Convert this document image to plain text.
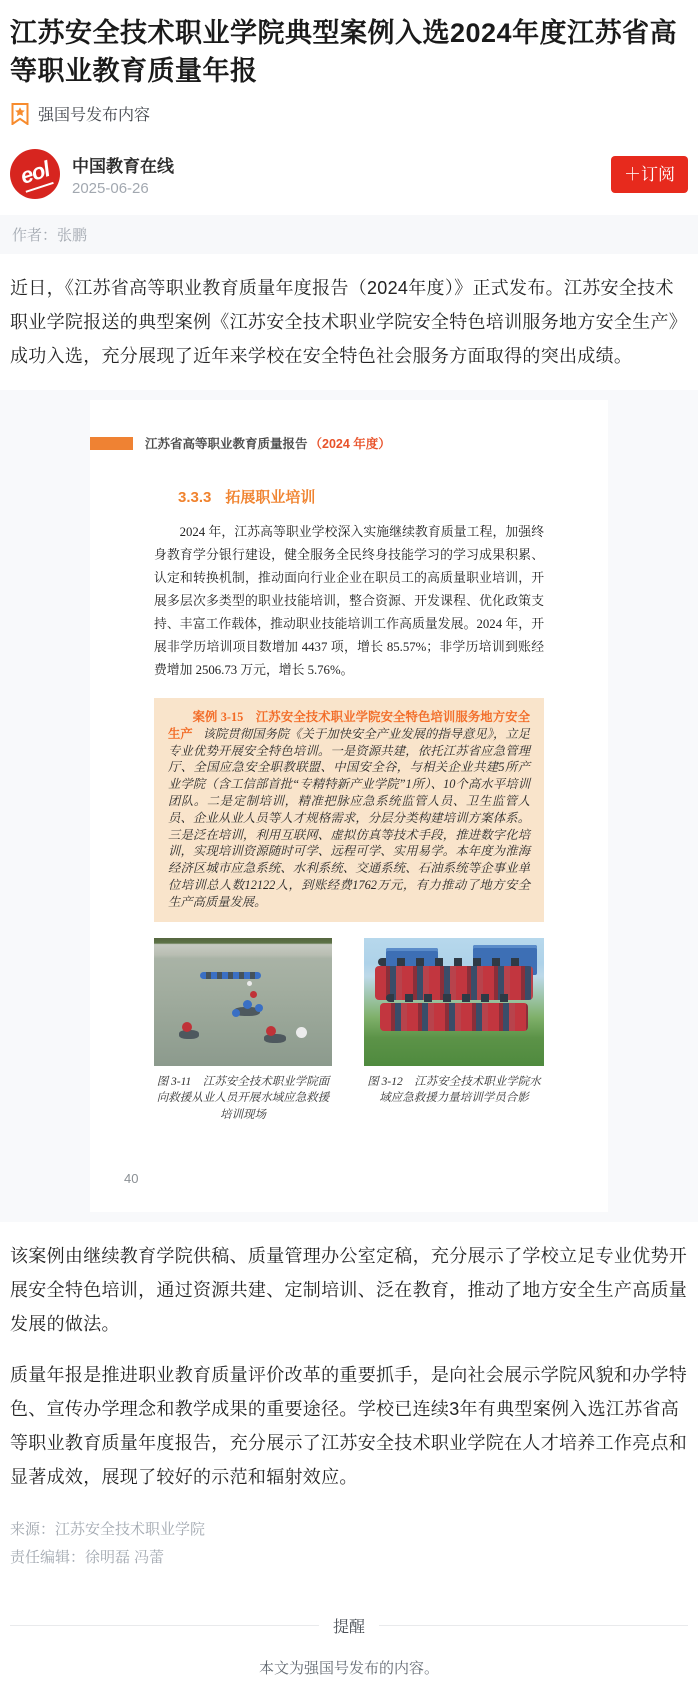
江苏安全技术职业学院典型案例入选2024年度江苏省高等职业教育质量年报
强国号发布内容
eol 中国教育在线
2025-06-26
＋订阅
作者：张鹏

近日，《江苏省高等职业教育质量年度报告（2024年度）》正式发布。江苏安全技术职业学院报送的典型案例《江苏安全技术职业学院安全特色培训服务地方安全生产》成功入选，充分展现了近年来学校在安全特色社会服务方面取得的突出成绩。

江苏省高等职业教育质量报告 （2024 年度）
3.3.3 拓展职业培训

2024 年，江苏高等职业学校深入实施继续教育质量工程，加强终身教育学分银行建设，健全服务全民终身技能学习的学习成果积累、认定和转换机制，推动面向行业企业在职员工的高质量职业培训，开展多层次多类型的职业技能培训，整合资源、开发课程、优化政策支持、丰富工作载体，推动职业技能培训工作高质量发展。2024 年，开展非学历培训项目数增加 4437 项，增长 85.57%；非学历培训到账经费增加 2506.73 万元，增长 5.76%。

案例 3-15　江苏安全技术职业学院安全特色培训服务地方安全生产 该院贯彻国务院《关于加快安全产业发展的指导意见》，立足专业优势开展安全特色培训。一是资源共建，依托江苏省应急管理厅、全国应急安全职教联盟、中国安全谷，与相关企业共建5所产业学院（含工信部首批“专精特新产业学院”1所）、10个高水平培训团队。二是定制培训，精准把脉应急系统监管人员、卫生监管人员、企业从业人员等人才规格需求，分层分类构建培训方案体系。三是泛在培训，利用互联网、虚拟仿真等技术手段，推进数字化培训，实现培训资源随时可学、远程可学、实用易学。本年度为淮海经济区城市应急系统、水利系统、交通系统、石油系统等企事业单位培训总人数12122人，到账经费1762万元，有力推动了地方安全生产高质量发展。

图 3-11　江苏安全技术职业学院面向救援从业人员开展水域应急救援培训现场
图 3-12　江苏安全技术职业学院水域应急救援力量培训学员合影
40

该案例由继续教育学院供稿、质量管理办公室定稿，充分展示了学校立足专业优势开展安全特色培训，通过资源共建、定制培训、泛在教育，推动了地方安全生产高质量发展的做法。

质量年报是推进职业教育质量评价改革的重要抓手，是向社会展示学院风貌和办学特色、宣传办学理念和教学成果的重要途径。学校已连续3年有典型案例入选江苏省高等职业教育质量年度报告，充分展示了江苏安全技术职业学院在人才培养工作亮点和显著成效，展现了较好的示范和辐射效应。

来源：江苏安全技术职业学院
责任编辑：徐明磊 冯蕾
提醒
本文为强国号发布的内容。
